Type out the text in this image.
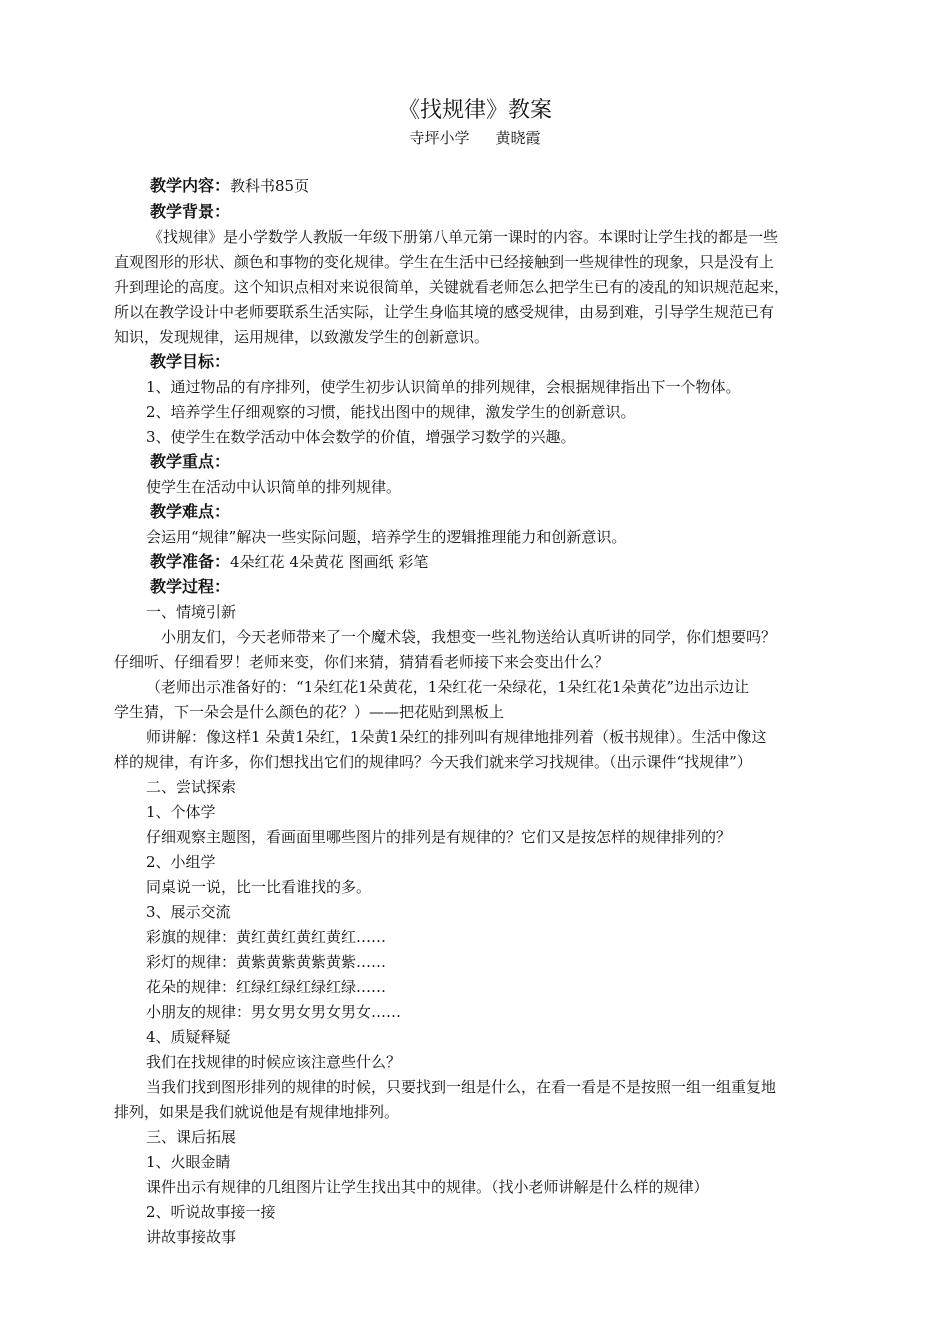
《找规律》教案
寺坪小学 黄晓霞
教学内容：教科书85页
教学背景：
《找规律》是小学数学人教版一年级下册第八单元第一课时的内容。本课时让学生找的都是一些
直观图形的形状、颜色和事物的变化规律。学生在生活中已经接触到一些规律性的现象，只是没有上
升到理论的高度。这个知识点相对来说很简单，关键就看老师怎么把学生已有的凌乱的知识规范起来，
所以在教学设计中老师要联系生活实际，让学生身临其境的感受规律，由易到难，引导学生规范已有
知识，发现规律，运用规律，以致激发学生的创新意识。
教学目标：
1、通过物品的有序排列，使学生初步认识简单的排列规律，会根据规律指出下一个物体。
2、培养学生仔细观察的习惯，能找出图中的规律，激发学生的创新意识。
3、使学生在数学活动中体会数学的价值，增强学习数学的兴趣。
教学重点：
使学生在活动中认识简单的排列规律。
教学难点：
会运用“规律”解决一些实际问题，培养学生的逻辑推理能力和创新意识。
教学准备：4朵红花 4朵黄花 图画纸 彩笔
教学过程：
一、情境引新
　小朋友们，今天老师带来了一个魔术袋，我想变一些礼物送给认真听讲的同学，你们想要吗？
仔细听、仔细看罗！老师来变，你们来猜，猜猜看老师接下来会变出什么？
（老师出示准备好的：“1朵红花1朵黄花，1朵红花一朵绿花，1朵红花1朵黄花”边出示边让
学生猜，下一朵会是什么颜色的花？）——把花贴到黑板上
师讲解：像这样1 朵黄1朵红，1朵黄1朵红的排列叫有规律地排列着（板书规律）。生活中像这
样的规律，有许多，你们想找出它们的规律吗？今天我们就来学习找规律。（出示课件“找规律”）
二、尝试探索
1、个体学
仔细观察主题图，看画面里哪些图片的排列是有规律的？它们又是按怎样的规律排列的？
2、小组学
同桌说一说，比一比看谁找的多。
3、展示交流
彩旗的规律：黄红黄红黄红黄红……
彩灯的规律：黄紫黄紫黄紫黄紫……
花朵的规律：红绿红绿红绿红绿……
小朋友的规律：男女男女男女男女……
4、质疑释疑
我们在找规律的时候应该注意些什么？
当我们找到图形排列的规律的时候，只要找到一组是什么，在看一看是不是按照一组一组重复地
排列，如果是我们就说他是有规律地排列。
三、课后拓展
1、火眼金睛
课件出示有规律的几组图片让学生找出其中的规律。（找小老师讲解是什么样的规律）
2、听说故事接一接
讲故事接故事
